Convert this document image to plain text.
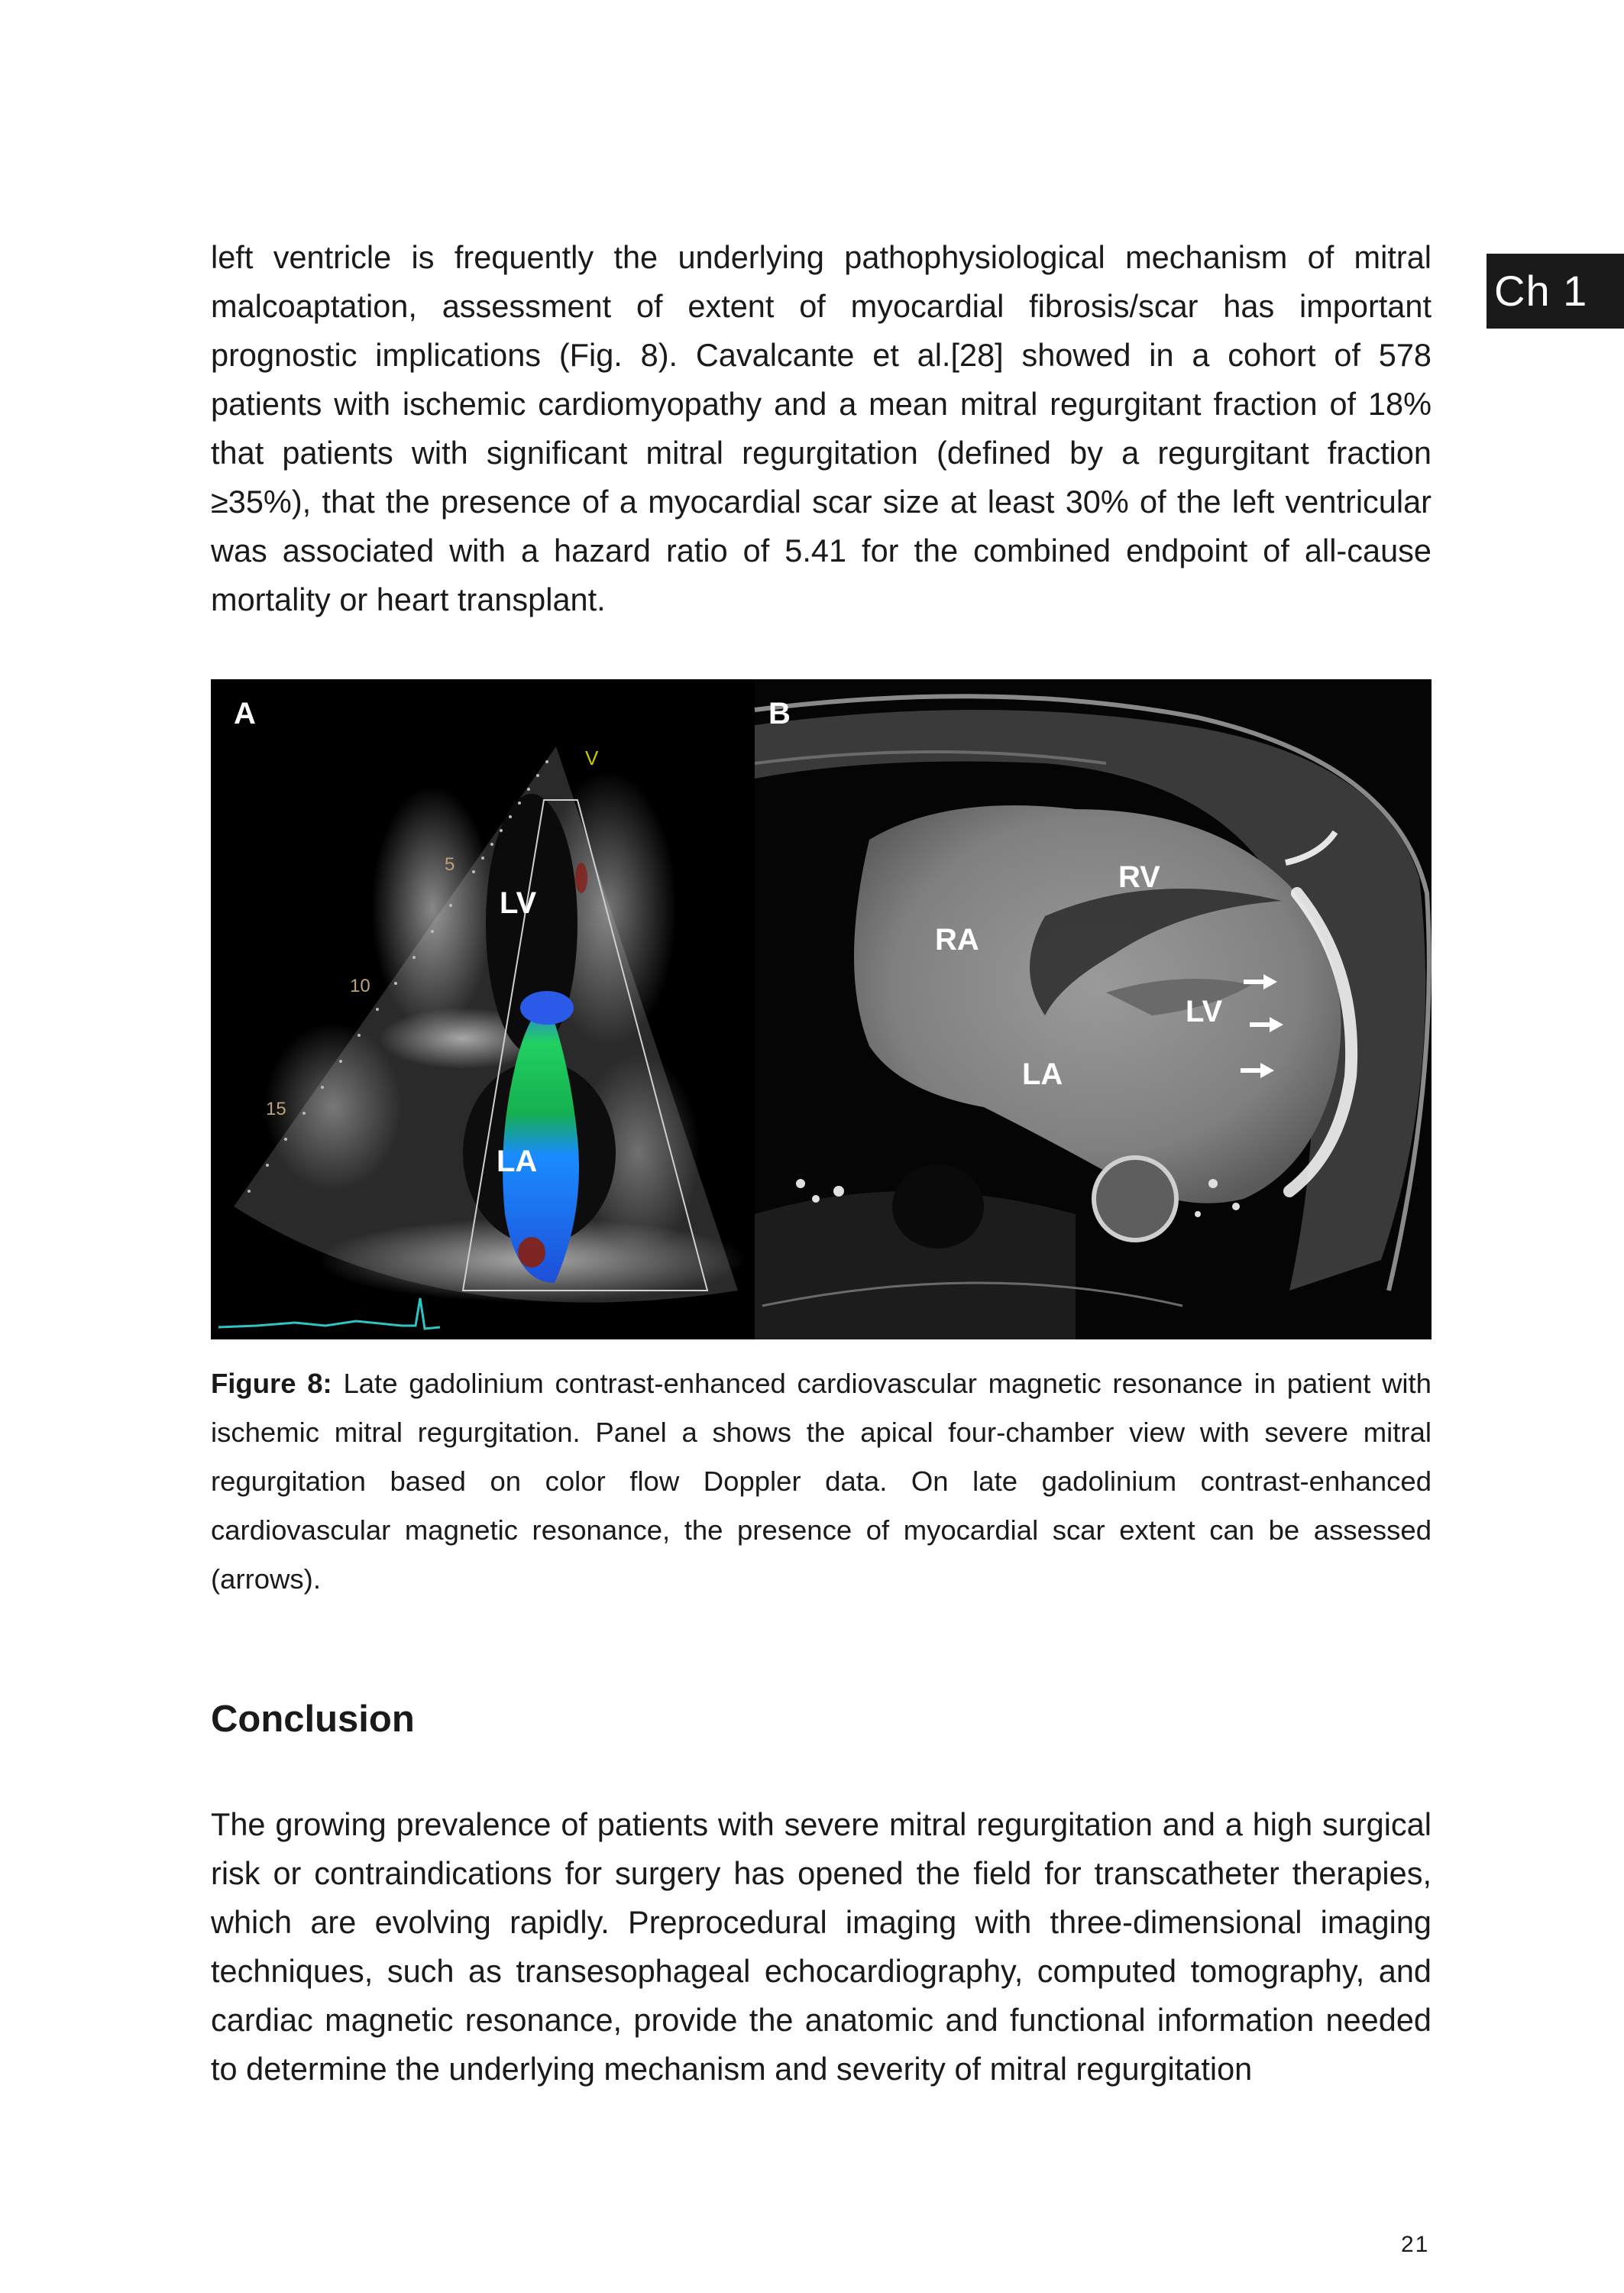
Ch 1

left ventricle is frequently the underlying pathophysiological mechanism of mitral malcoaptation, assessment of extent of myocardial fibrosis/scar has important prognostic implications (Fig. 8). Cavalcante et al.[28] showed in a cohort of 578 patients with ischemic cardiomyopathy and a mean mitral regurgitant fraction of 18% that patients with significant mitral regurgitation (defined by a regurgitant fraction ≥35%), that the presence of a myocardial scar size at least 30% of the left ventricular was associated with a hazard ratio of 5.41 for the combined endpoint of all-cause mortality or heart transplant.

A
V
5
10
15
LV
LA
B
RV
RA
LV
LA

Figure 8: Late gadolinium contrast-enhanced cardiovascular magnetic resonance in patient with ischemic mitral regurgitation. Panel a shows the apical four-chamber view with severe mitral regurgitation based on color flow Doppler data. On late gadolinium contrast-enhanced cardiovascular magnetic resonance, the presence of myocardial scar extent can be assessed (arrows).

Conclusion

The growing prevalence of patients with severe mitral regurgitation and a high surgical risk or contraindications for surgery has opened the field for transcatheter therapies, which are evolving rapidly. Preprocedural imaging with three-dimensional imaging techniques, such as transesophageal echocardiography, computed tomography, and cardiac magnetic resonance, provide the anatomic and functional information needed to determine the underlying mechanism and severity of mitral regurgitation

21
